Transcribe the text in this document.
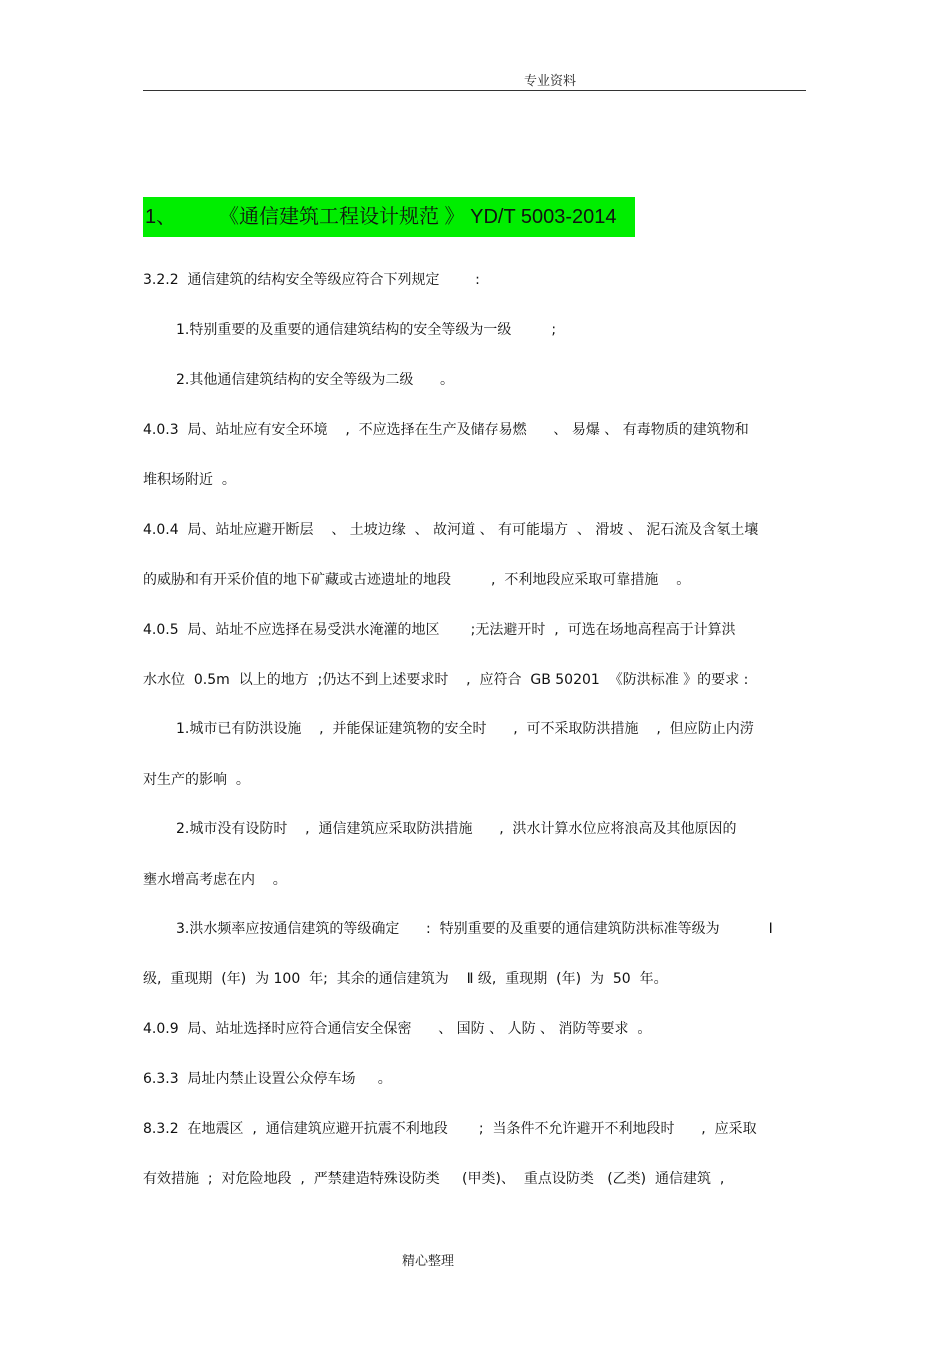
专业资料
1、 《通信建筑工程设计规范 》 YD/T 5003-2014
3.2.2  通信建筑的结构安全等级应符合下列规定        :
1.特别重要的及重要的通信建筑结构的安全等级为一级         ;
2.其他通信建筑结构的安全等级为二级      。
4.0.3  局、站址应有安全环境    ,  不应选择在生产及储存易燃      、 易爆 、 有毒物质的建筑物和
堆积场附近  。
4.0.4  局、站址应避开断层    、 土坡边缘  、 故河道 、 有可能塌方  、 滑坡 、 泥石流及含氡土壤
的威胁和有开采价值的地下矿藏或古迹遗址的地段         ,  不利地段应采取可靠措施    。
4.0.5  局、站址不应选择在易受洪水淹灌的地区       ;无法避开时  ,  可选在场地高程高于计算洪
水水位  0.5m  以上的地方  ;仍达不到上述要求时    ,  应符合  GB 50201  《防洪标准 》的要求 :
1.城市已有防洪设施    ,  并能保证建筑物的安全时      ,  可不采取防洪措施    ,  但应防止内涝
对生产的影响  。
2.城市没有设防时    ,  通信建筑应采取防洪措施      ,  洪水计算水位应将浪高及其他原因的
壅水增高考虑在内    。
3.洪水频率应按通信建筑的等级确定      :  特别重要的及重要的通信建筑防洪标准等级为           Ⅰ
级,  重现期  (年)  为 100  年;  其余的通信建筑为    Ⅱ 级,  重现期  (年)  为  50  年。
4.0.9  局、站址选择时应符合通信安全保密      、 国防 、 人防 、 消防等要求  。
6.3.3  局址内禁止设置公众停车场     。
8.3.2  在地震区  ,  通信建筑应避开抗震不利地段       ;  当条件不允许避开不利地段时      ,  应采取
有效措施  ;  对危险地段  ,  严禁建造特殊设防类     (甲类)、  重点设防类   (乙类)  通信建筑  ,
精心整理
